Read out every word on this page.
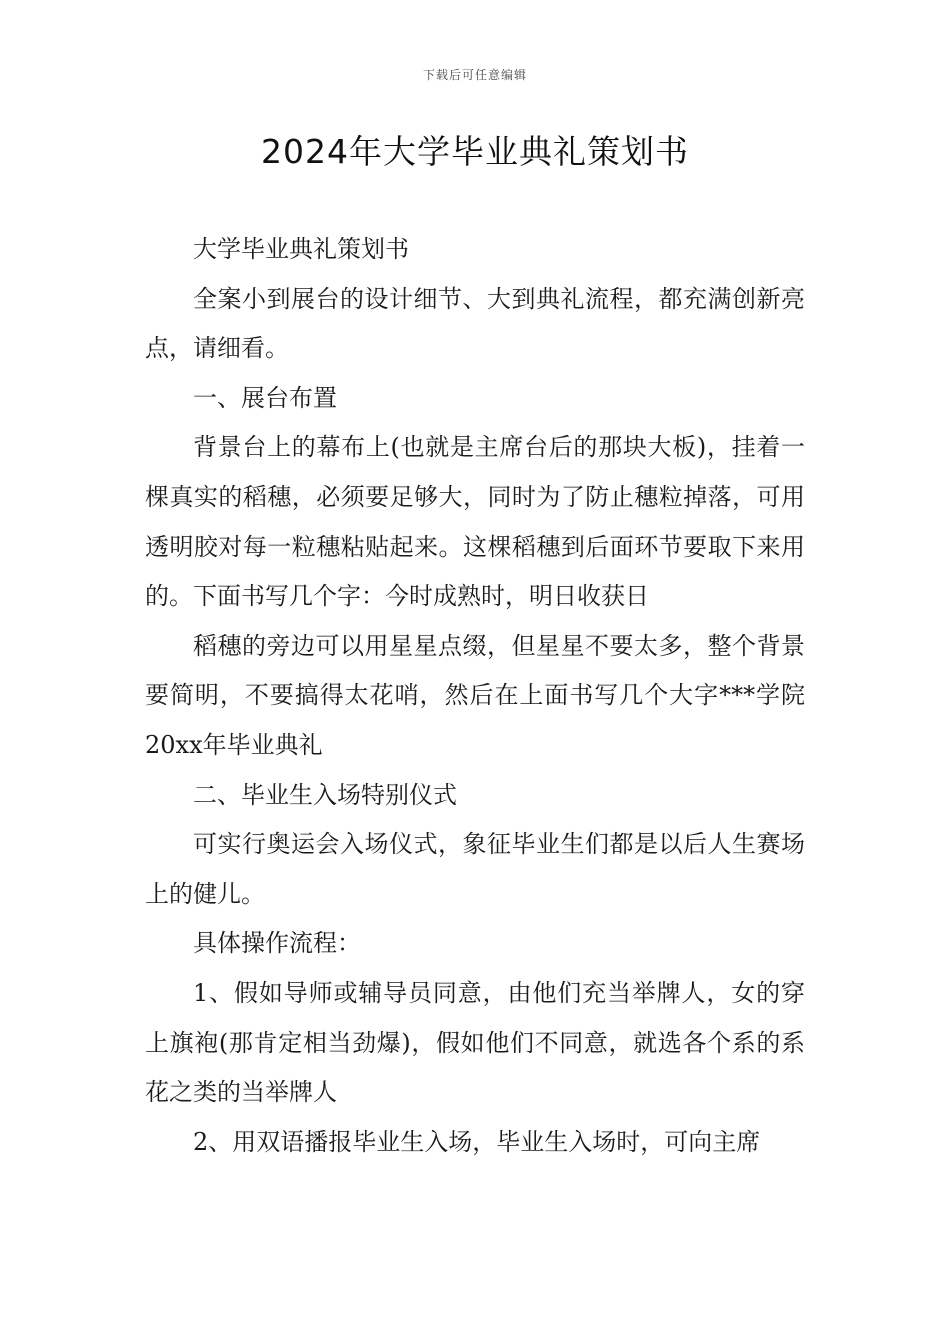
下载后可任意编辑
2024年大学毕业典礼策划书

大学毕业典礼策划书

全案小到展台的设计细节、大到典礼流程，都充满创新亮点，请细看。

一、展台布置

背景台上的幕布上(也就是主席台后的那块大板)，挂着一棵真实的稻穗，必须要足够大，同时为了防止穗粒掉落，可用透明胶对每一粒穗粘贴起来。这棵稻穗到后面环节要取下来用的。下面书写几个字：今时成熟时，明日收获日

稻穗的旁边可以用星星点缀，但星星不要太多，整个背景要简明，不要搞得太花哨，然后在上面书写几个大字***学院20xx年毕业典礼

二、毕业生入场特别仪式

可实行奥运会入场仪式，象征毕业生们都是以后人生赛场上的健儿。

具体操作流程：

1、假如导师或辅导员同意，由他们充当举牌人，女的穿上旗袍(那肯定相当劲爆)，假如他们不同意，就选各个系的系花之类的当举牌人

2、用双语播报毕业生入场，毕业生入场时，可向主席
